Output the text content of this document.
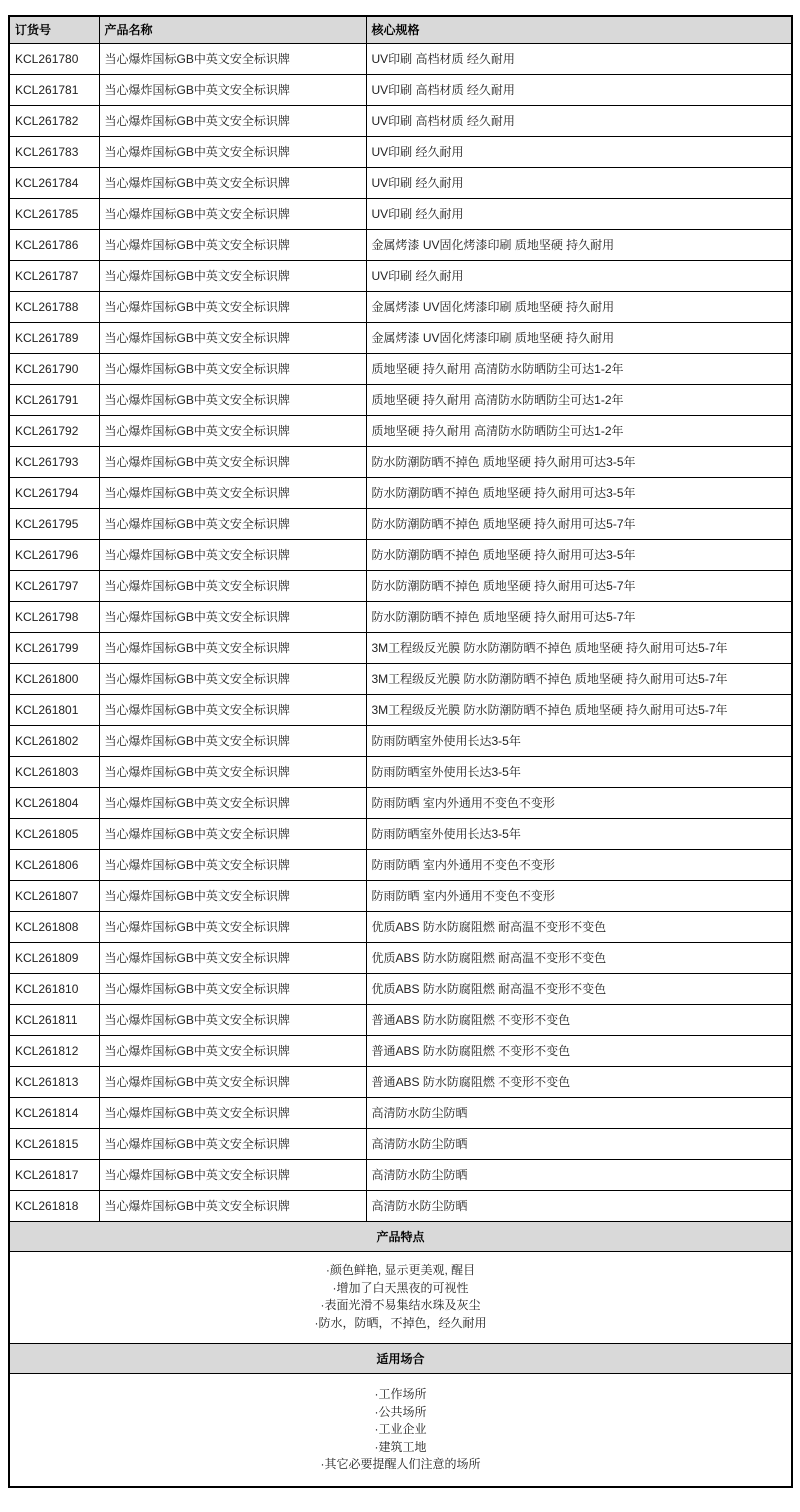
订货号	产品名称	核心规格
KCL261780	当心爆炸国标GB中英文安全标识牌	UV印刷 高档材质 经久耐用
KCL261781	当心爆炸国标GB中英文安全标识牌	UV印刷 高档材质 经久耐用
KCL261782	当心爆炸国标GB中英文安全标识牌	UV印刷 高档材质 经久耐用
KCL261783	当心爆炸国标GB中英文安全标识牌	UV印刷 经久耐用
KCL261784	当心爆炸国标GB中英文安全标识牌	UV印刷 经久耐用
KCL261785	当心爆炸国标GB中英文安全标识牌	UV印刷 经久耐用
KCL261786	当心爆炸国标GB中英文安全标识牌	金属烤漆 UV固化烤漆印刷 质地坚硬 持久耐用
KCL261787	当心爆炸国标GB中英文安全标识牌	UV印刷 经久耐用
KCL261788	当心爆炸国标GB中英文安全标识牌	金属烤漆 UV固化烤漆印刷 质地坚硬 持久耐用
KCL261789	当心爆炸国标GB中英文安全标识牌	金属烤漆 UV固化烤漆印刷 质地坚硬 持久耐用
KCL261790	当心爆炸国标GB中英文安全标识牌	质地坚硬 持久耐用 高清防水防晒防尘可达1-2年
KCL261791	当心爆炸国标GB中英文安全标识牌	质地坚硬 持久耐用 高清防水防晒防尘可达1-2年
KCL261792	当心爆炸国标GB中英文安全标识牌	质地坚硬 持久耐用 高清防水防晒防尘可达1-2年
KCL261793	当心爆炸国标GB中英文安全标识牌	防水防潮防晒不掉色 质地坚硬 持久耐用可达3-5年
KCL261794	当心爆炸国标GB中英文安全标识牌	防水防潮防晒不掉色 质地坚硬 持久耐用可达3-5年
KCL261795	当心爆炸国标GB中英文安全标识牌	防水防潮防晒不掉色 质地坚硬 持久耐用可达5-7年
KCL261796	当心爆炸国标GB中英文安全标识牌	防水防潮防晒不掉色 质地坚硬 持久耐用可达3-5年
KCL261797	当心爆炸国标GB中英文安全标识牌	防水防潮防晒不掉色 质地坚硬 持久耐用可达5-7年
KCL261798	当心爆炸国标GB中英文安全标识牌	防水防潮防晒不掉色 质地坚硬 持久耐用可达5-7年
KCL261799	当心爆炸国标GB中英文安全标识牌	3M工程级反光膜 防水防潮防晒不掉色 质地坚硬 持久耐用可达5-7年
KCL261800	当心爆炸国标GB中英文安全标识牌	3M工程级反光膜 防水防潮防晒不掉色 质地坚硬 持久耐用可达5-7年
KCL261801	当心爆炸国标GB中英文安全标识牌	3M工程级反光膜 防水防潮防晒不掉色 质地坚硬 持久耐用可达5-7年
KCL261802	当心爆炸国标GB中英文安全标识牌	防雨防晒室外使用长达3-5年
KCL261803	当心爆炸国标GB中英文安全标识牌	防雨防晒室外使用长达3-5年
KCL261804	当心爆炸国标GB中英文安全标识牌	防雨防晒 室内外通用不变色不变形
KCL261805	当心爆炸国标GB中英文安全标识牌	防雨防晒室外使用长达3-5年
KCL261806	当心爆炸国标GB中英文安全标识牌	防雨防晒 室内外通用不变色不变形
KCL261807	当心爆炸国标GB中英文安全标识牌	防雨防晒 室内外通用不变色不变形
KCL261808	当心爆炸国标GB中英文安全标识牌	优质ABS 防水防腐阻燃 耐高温不变形不变色
KCL261809	当心爆炸国标GB中英文安全标识牌	优质ABS 防水防腐阻燃 耐高温不变形不变色
KCL261810	当心爆炸国标GB中英文安全标识牌	优质ABS 防水防腐阻燃 耐高温不变形不变色
KCL261811	当心爆炸国标GB中英文安全标识牌	普通ABS 防水防腐阻燃 不变形不变色
KCL261812	当心爆炸国标GB中英文安全标识牌	普通ABS 防水防腐阻燃 不变形不变色
KCL261813	当心爆炸国标GB中英文安全标识牌	普通ABS 防水防腐阻燃 不变形不变色
KCL261814	当心爆炸国标GB中英文安全标识牌	高清防水防尘防晒
KCL261815	当心爆炸国标GB中英文安全标识牌	高清防水防尘防晒
KCL261817	当心爆炸国标GB中英文安全标识牌	高清防水防尘防晒
KCL261818	当心爆炸国标GB中英文安全标识牌	高清防水防尘防晒
产品特点		

·颜色鲜艳, 显示更美观, 醒目
·增加了白天黑夜的可视性
·表面光滑不易集结水珠及灰尘
·防水，防晒，不掉色，经久耐用		

适用场合		

·工作场所
·公共场所
·工业企业
·建筑工地
·其它必要提醒人们注意的场所		
